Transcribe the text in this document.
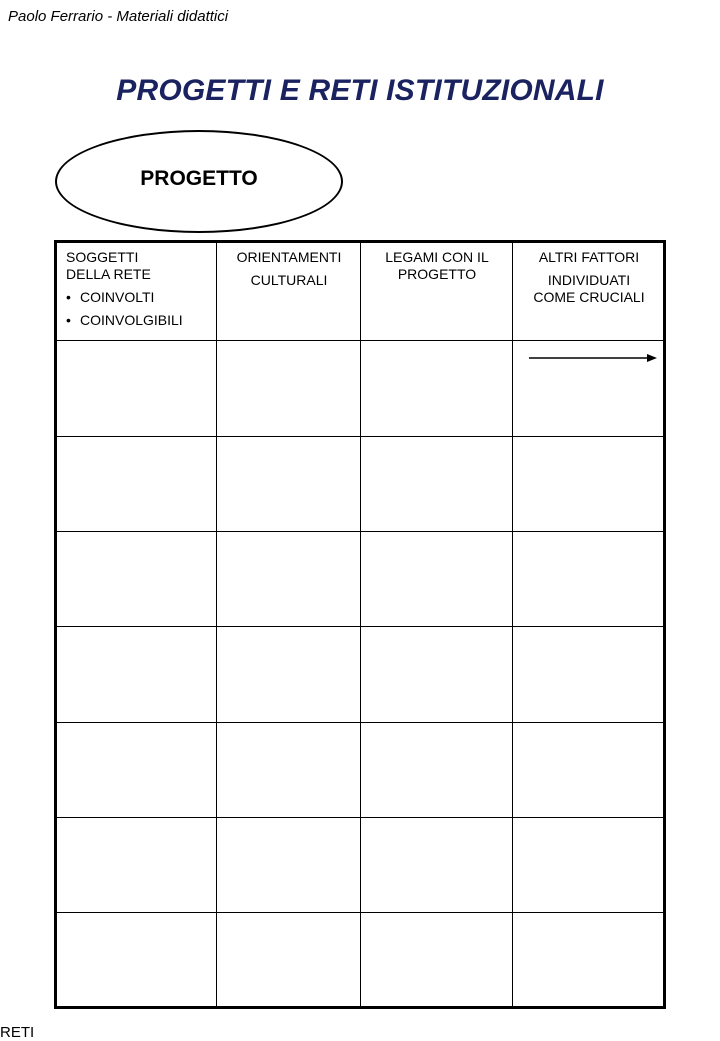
Paolo Ferrario - Materiali didattici
PROGETTI E RETI ISTITUZIONALI
PROGETTO
SOGGETTI
DELLA RETE
• COINVOLTI
• COINVOLGIBILI
ORIENTAMENTI
CULTURALI
LEGAMI CON IL
PROGETTO
ALTRI FATTORI
INDIVIDUATI
COME CRUCIALI
RETI
